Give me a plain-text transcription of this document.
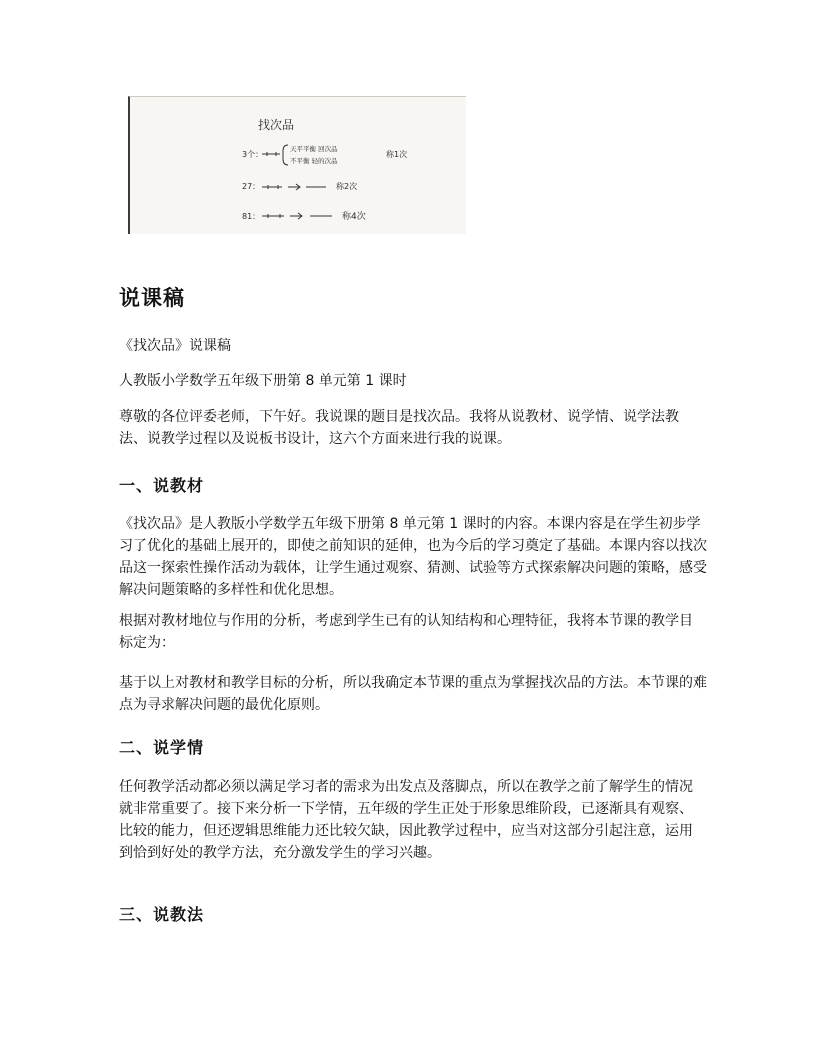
找次品
3个：
天平平衡 回次品
不平衡 轻的次品
称1次
27：	称2次
81：	称4次
说课稿

《找次品》说课稿

人教版小学数学五年级下册第 8 单元第 1 课时

尊敬的各位评委老师，下午好。我说课的题目是找次品。我将从说教材、说学情、说学法教法、说教学过程以及说板书设计，这六个方面来进行我的说课。

一、说教材

《找次品》是人教版小学数学五年级下册第 8 单元第 1 课时的内容。本课内容是在学生初步学习了优化的基础上展开的，即使之前知识的延伸，也为今后的学习奠定了基础。本课内容以找次品这一探索性操作活动为载体，让学生通过观察、猜测、试验等方式探索解决问题的策略，感受解决问题策略的多样性和优化思想。

根据对教材地位与作用的分析，考虑到学生已有的认知结构和心理特征，我将本节课的教学目标定为：

基于以上对教材和教学目标的分析，所以我确定本节课的重点为掌握找次品的方法。本节课的难点为寻求解决问题的最优化原则。

二、说学情

任何教学活动都必须以满足学习者的需求为出发点及落脚点，所以在教学之前了解学生的情况就非常重要了。接下来分析一下学情，五年级的学生正处于形象思维阶段，已逐渐具有观察、比较的能力，但还逻辑思维能力还比较欠缺，因此教学过程中，应当对这部分引起注意，运用到恰到好处的教学方法，充分激发学生的学习兴趣。

三、说教法
